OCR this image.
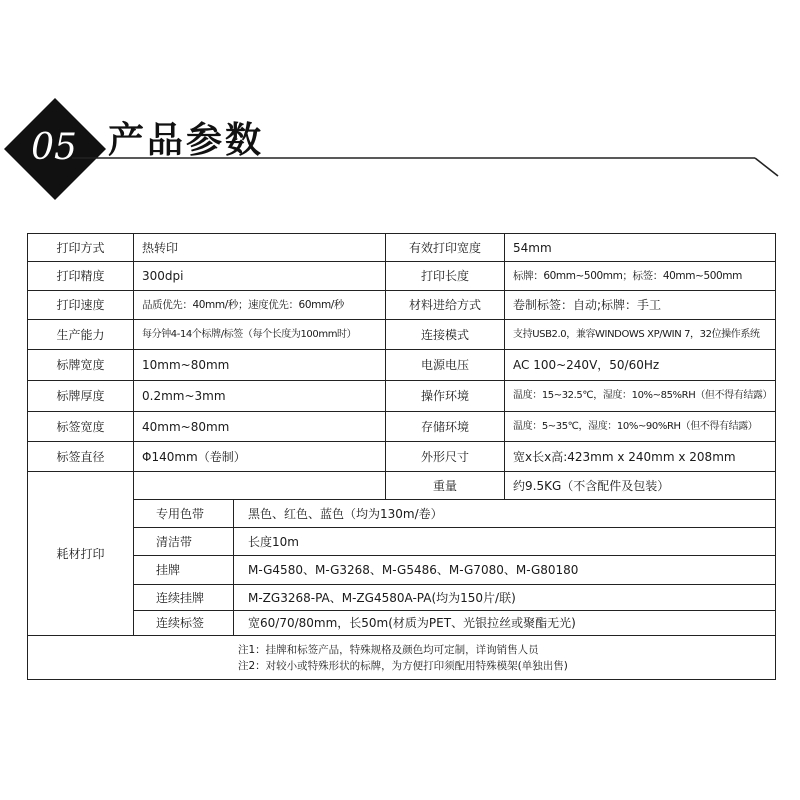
05 产品参数
打印方式	热转印		有效打印宽度	54mm
打印精度	300dpi		打印长度	标牌：60mm~500mm；标签：40mm~500mm
打印速度	品质优先：40mm/秒；速度优先：60mm/秒		材料进给方式	卷制标签：自动;标牌：手工
生产能力	每分钟4-14个标牌/标签（每个长度为100mm时）		连接模式	支持USB2.0，兼容WINDOWS XP/WIN 7，32位操作系统
标牌宽度	10mm~80mm		电源电压	AC 100~240V，50/60Hz
标牌厚度	0.2mm~3mm		操作环境	温度：15~32.5℃，湿度：10%~85%RH（但不得有结露）
标签宽度	40mm~80mm		存储环境	温度：5~35℃，湿度：10%~90%RH（但不得有结露）
标签直径	Φ140mm（卷制）		外形尺寸	宽x长x高:423mm x 240mm x 208mm
耗材打印			重量	约9.5KG（不含配件及包装）
	专用色带	黑色、红色、蓝色（均为130m/卷）		
	清洁带	长度10m		
	挂牌	M-G4580、M-G3268、M-G5486、M-G7080、M-G80180		
	连续挂牌	M-ZG3268-PA、M-ZG4580A-PA(均为150片/联)		
	连续标签	宽60/70/80mm，长50m(材质为PET、光银拉丝或聚酯无光)		

注1：挂牌和标签产品，特殊规格及颜色均可定制，详询销售人员
注2：对较小或特殊形状的标牌，为方便打印须配用特殊模架(单独出售)				
